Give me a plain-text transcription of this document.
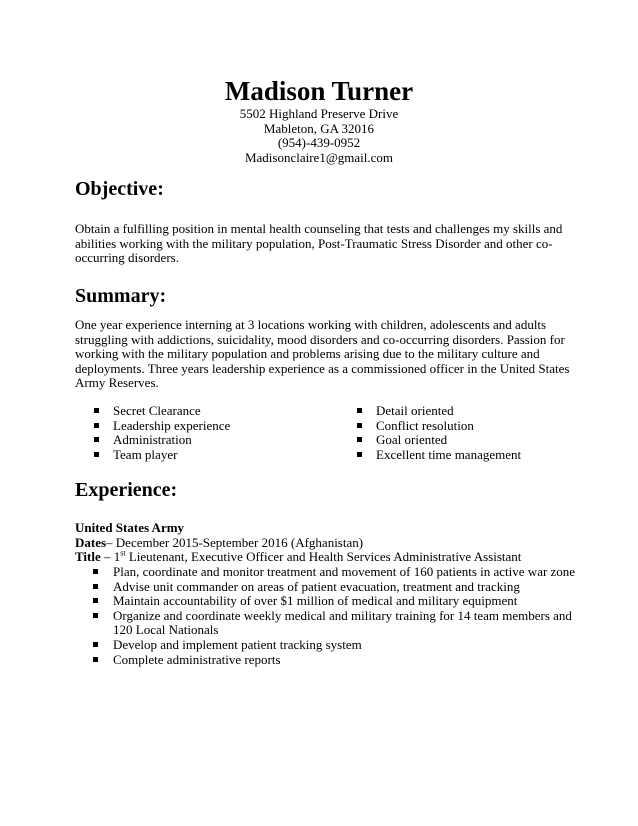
Madison Turner
5502 Highland Preserve Drive
Mableton, GA 32016
(954)-439-0952
Madisonclaire1@gmail.com
Objective:
Obtain a fulfilling position in mental health counseling that tests and challenges my skills and
abilities working with the military population, Post-Traumatic Stress Disorder and other co-
occurring disorders.
Summary:
One year experience interning at 3 locations working with children, adolescents and adults
struggling with addictions, suicidality, mood disorders and co-occurring disorders. Passion for
working with the military population and problems arising due to the military culture and
deployments. Three years leadership experience as a commissioned officer in the United States
Army Reserves.
Secret Clearance
Leadership experience
Administration
Team player
Detail oriented
Conflict resolution
Goal oriented
Excellent time management
Experience:
United States Army
Dates– December 2015-September 2016 (Afghanistan)
Title – 1st Lieutenant, Executive Officer and Health Services Administrative Assistant
Plan, coordinate and monitor treatment and movement of 160 patients in active war zone
Advise unit commander on areas of patient evacuation, treatment and tracking
Maintain accountability of over $1 million of medical and military equipment
Organize and coordinate weekly medical and military training for 14 team members and
120 Local Nationals
Develop and implement patient tracking system
Complete administrative reports
